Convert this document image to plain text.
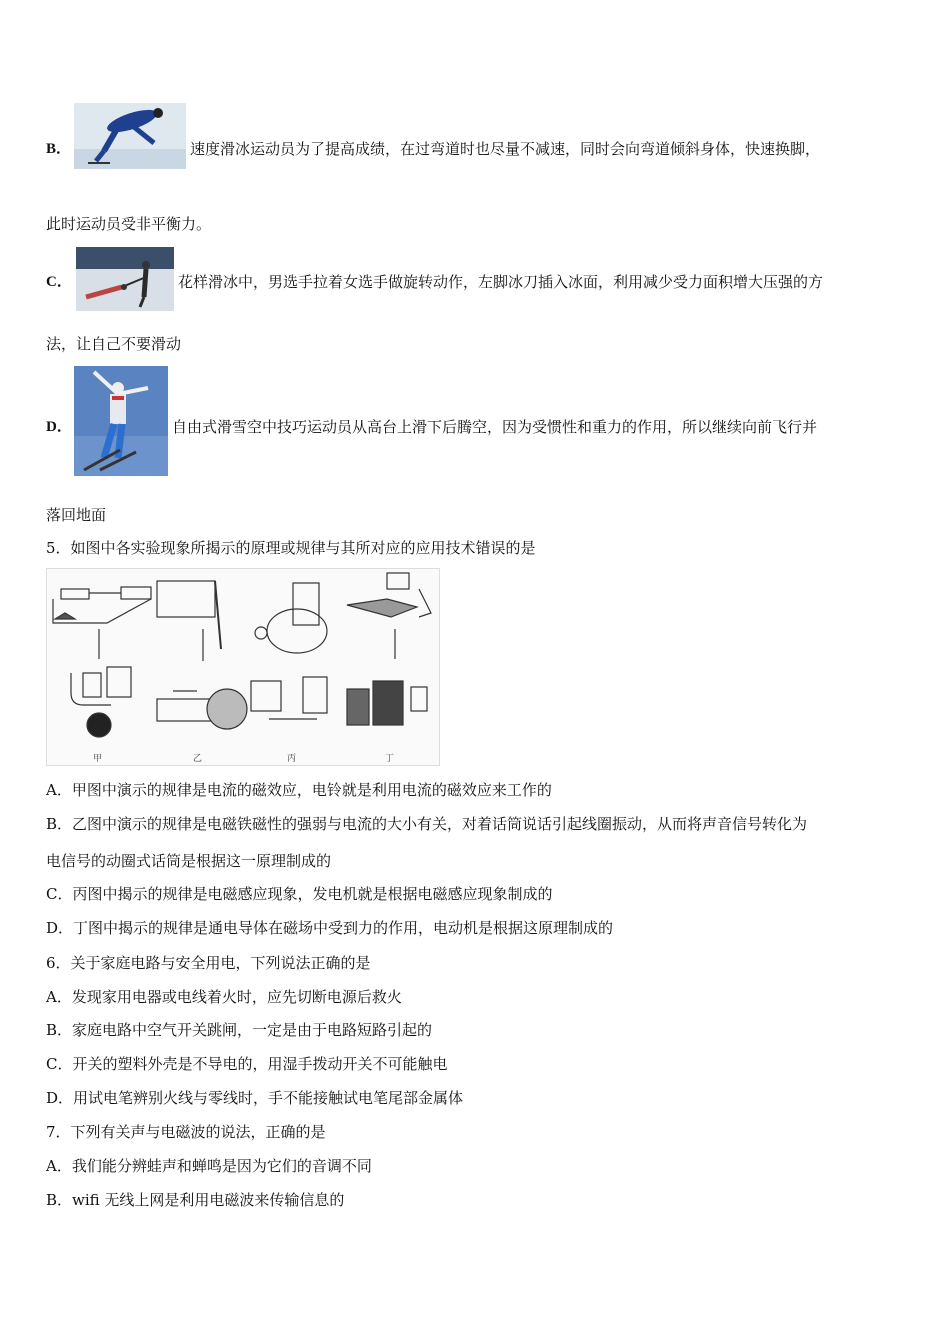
B．	速度滑冰运动员为了提高成绩，在过弯道时也尽量不减速，同时会向弯道倾斜身体，快速换脚，
此时运动员受非平衡力。
C．	花样滑冰中，男选手拉着女选手做旋转动作，左脚冰刀插入冰面，利用减少受力面积增大压强的方
法，让自己不要滑动
D．	自由式滑雪空中技巧运动员从高台上滑下后腾空，因为受惯性和重力的作用，所以继续向前飞行并
落回地面
5．如图中各实验现象所揭示的原理或规律与其所对应的应用技术错误的是
甲	乙	丙	丁
A．甲图中演示的规律是电流的磁效应，电铃就是利用电流的磁效应来工作的
B．乙图中演示的规律是电磁铁磁性的强弱与电流的大小有关，对着话筒说话引起线圈振动，从而将声音信号转化为
电信号的动圈式话筒是根据这一原理制成的
C．丙图中揭示的规律是电磁感应现象，发电机就是根据电磁感应现象制成的
D．丁图中揭示的规律是通电导体在磁场中受到力的作用，电动机是根据这原理制成的
6．关于家庭电路与安全用电，下列说法正确的是
A．发现家用电器或电线着火时，应先切断电源后救火
B．家庭电路中空气开关跳闸，一定是由于电路短路引起的
C．开关的塑料外壳是不导电的，用湿手拨动开关不可能触电
D．用试电笔辨别火线与零线时，手不能接触试电笔尾部金属体
7．下列有关声与电磁波的说法，正确的是
A．我们能分辨蛙声和蝉鸣是因为它们的音调不同
B．wifi 无线上网是利用电磁波来传输信息的
